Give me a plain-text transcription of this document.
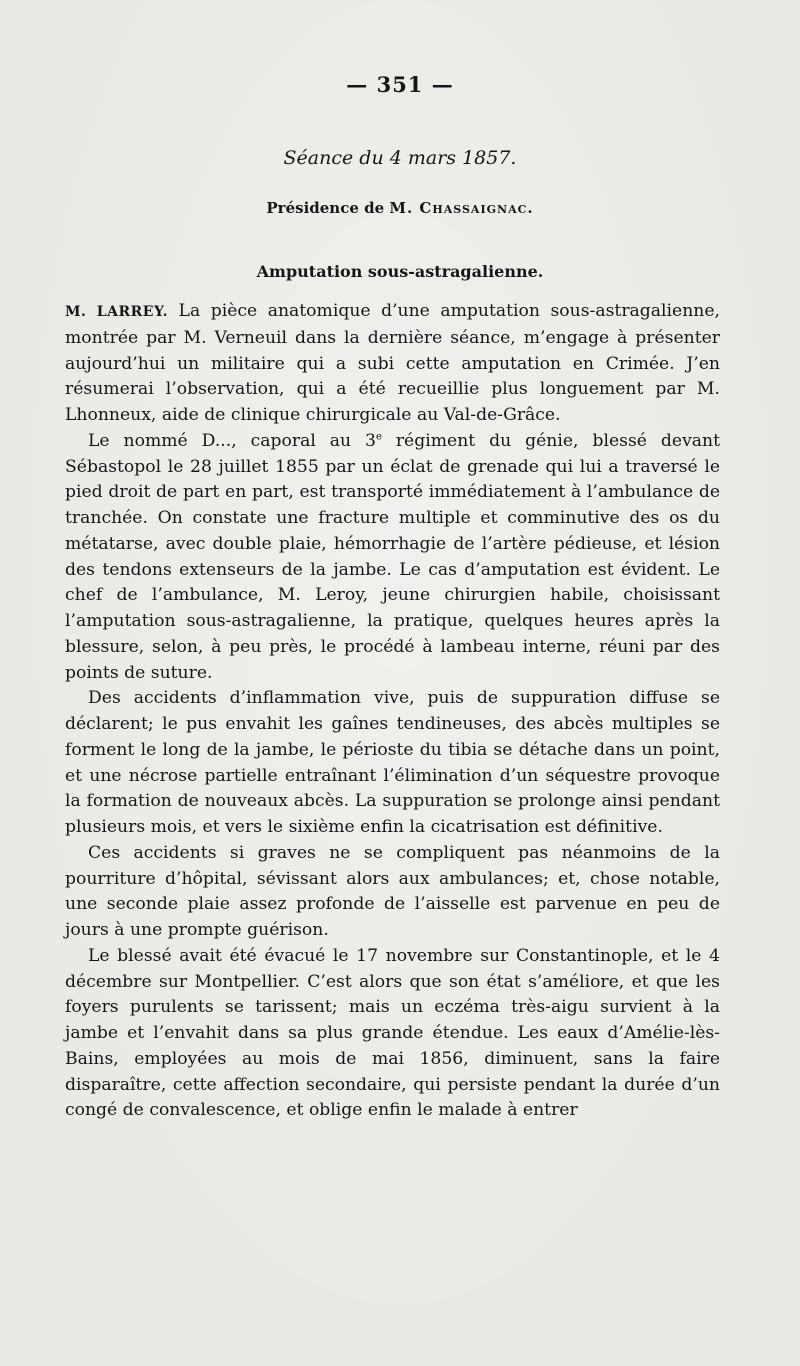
— 351 —
Séance du 4 mars 1857.
Présidence de M. Chassaignac.
Amputation sous-astragalienne.

M. LARREY. La pièce anatomique d’une amputation sous-astragalienne, montrée par M. Verneuil dans la dernière séance, m’engage à présenter aujourd’hui un militaire qui a subi cette amputation en Crimée. J’en résumerai l’observation, qui a été recueillie plus longuement par M. Lhonneux, aide de clinique chirurgicale au Val-de-Grâce.

Le nommé D..., caporal au 3e régiment du génie, blessé devant Sébastopol le 28 juillet 1855 par un éclat de grenade qui lui a traversé le pied droit de part en part, est transporté immédiatement à l’ambulance de tranchée. On constate une fracture multiple et comminutive des os du métatarse, avec double plaie, hémorrhagie de l’artère pédieuse, et lésion des tendons extenseurs de la jambe. Le cas d’amputation est évident. Le chef de l’ambulance, M. Leroy, jeune chirurgien habile, choisissant l’amputation sous-astragalienne, la pratique, quelques heures après la blessure, selon, à peu près, le procédé à lambeau interne, réuni par des points de suture.

Des accidents d’inflammation vive, puis de suppuration diffuse se déclarent; le pus envahit les gaînes tendineuses, des abcès multiples se forment le long de la jambe, le périoste du tibia se détache dans un point, et une nécrose partielle entraînant l’élimination d’un séquestre provoque la formation de nouveaux abcès. La suppuration se prolonge ainsi pendant plusieurs mois, et vers le sixième enfin la cicatrisation est définitive.

Ces accidents si graves ne se compliquent pas néanmoins de la pourriture d’hôpital, sévissant alors aux ambulances; et, chose notable, une seconde plaie assez profonde de l’aisselle est parvenue en peu de jours à une prompte guérison.

Le blessé avait été évacué le 17 novembre sur Constantinople, et le 4 décembre sur Montpellier. C’est alors que son état s’améliore, et que les foyers purulents se tarissent; mais un eczéma très-aigu survient à la jambe et l’envahit dans sa plus grande étendue. Les eaux d’Amélie-lès-Bains, employées au mois de mai 1856, diminuent, sans la faire disparaître, cette affection secondaire, qui persiste pendant la durée d’un congé de convalescence, et oblige enfin le malade à entrer
